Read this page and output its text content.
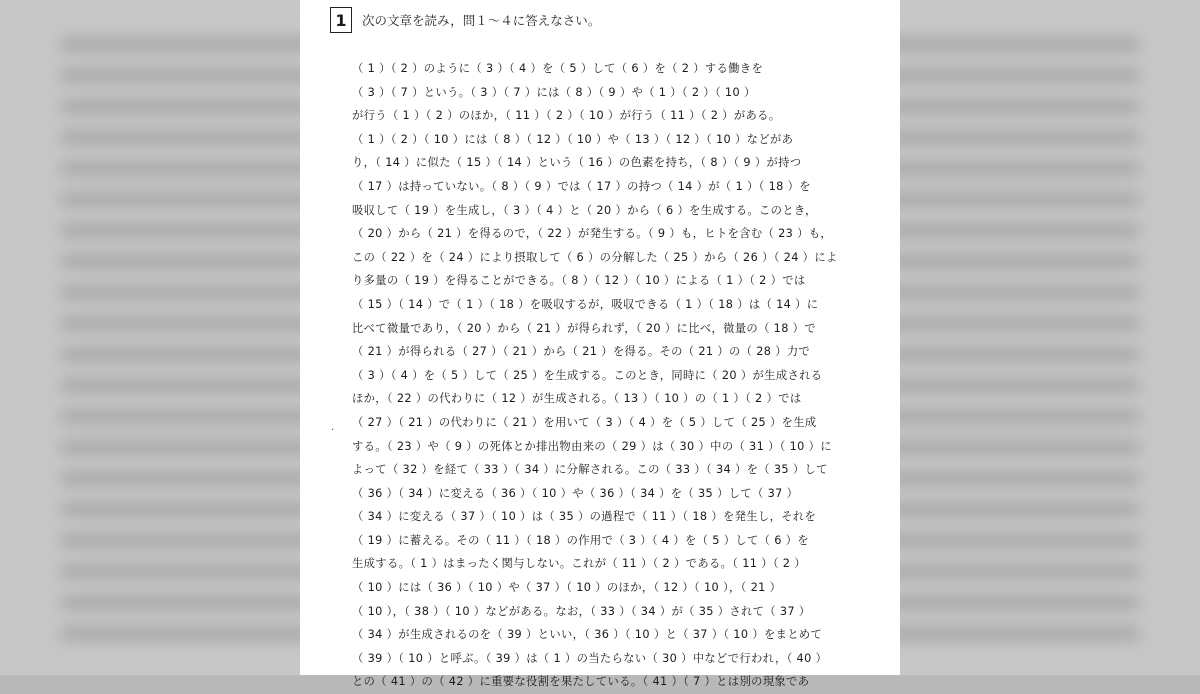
1	次の文章を読み，問１～４に答えなさい。
·
（ 1 ）（ 2 ）のように（ 3 ）（ 4 ）を（ 5 ）して（ 6 ）を（ 2 ）する働きを
（ 3 ）（ 7 ）という。（ 3 ）（ 7 ）には（ 8 ）（ 9 ）や（ 1 ）（ 2 ）（ 10 ）
が行う（ 1 ）（ 2 ）のほか，（ 11 ）（ 2 ）（ 10 ）が行う（ 11 ）（ 2 ）がある。
（ 1 ）（ 2 ）（ 10 ）には（ 8 ）（ 12 ）（ 10 ）や（ 13 ）（ 12 ）（ 10 ）などがあ
り，（ 14 ）に似た（ 15 ）（ 14 ）という（ 16 ）の色素を持ち，（ 8 ）（ 9 ）が持つ
（ 17 ）は持っていない。（ 8 ）（ 9 ）では（ 17 ）の持つ（ 14 ）が（ 1 ）（ 18 ）を
吸収して（ 19 ）を生成し，（ 3 ）（ 4 ）と（ 20 ）から（ 6 ）を生成する。このとき，
（ 20 ）から（ 21 ）を得るので，（ 22 ）が発生する。（ 9 ）も，ヒトを含む（ 23 ）も，
この（ 22 ）を（ 24 ）により摂取して（ 6 ）の分解した（ 25 ）から（ 26 ）（ 24 ）によ
り多量の（ 19 ）を得ることができる。（ 8 ）（ 12 ）（ 10 ）による（ 1 ）（ 2 ）では
（ 15 ）（ 14 ）で（ 1 ）（ 18 ）を吸収するが，吸収できる（ 1 ）（ 18 ）は（ 14 ）に
比べて微量であり，（ 20 ）から（ 21 ）が得られず，（ 20 ）に比べ，微量の（ 18 ）で
（ 21 ）が得られる（ 27 ）（ 21 ）から（ 21 ）を得る。その（ 21 ）の（ 28 ）力で
（ 3 ）（ 4 ）を（ 5 ）して（ 25 ）を生成する。このとき，同時に（ 20 ）が生成される
ほか，（ 22 ）の代わりに（ 12 ）が生成される。（ 13 ）（ 10 ）の（ 1 ）（ 2 ）では
（ 27 ）（ 21 ）の代わりに（ 21 ）を用いて（ 3 ）（ 4 ）を（ 5 ）して（ 25 ）を生成
する。（ 23 ）や（ 9 ）の死体とか排出物由来の（ 29 ）は（ 30 ）中の（ 31 ）（ 10 ）に
よって（ 32 ）を経て（ 33 ）（ 34 ）に分解される。この（ 33 ）（ 34 ）を（ 35 ）して
（ 36 ）（ 34 ）に変える（ 36 ）（ 10 ）や（ 36 ）（ 34 ）を（ 35 ）して（ 37 ）
（ 34 ）に変える（ 37 ）（ 10 ）は（ 35 ）の過程で（ 11 ）（ 18 ）を発生し，それを
（ 19 ）に蓄える。その（ 11 ）（ 18 ）の作用で（ 3 ）（ 4 ）を（ 5 ）して（ 6 ）を
生成する。（ 1 ）はまったく関与しない。これが（ 11 ）（ 2 ）である。（ 11 ）（ 2 ）
（ 10 ）には（ 36 ）（ 10 ）や（ 37 ）（ 10 ）のほか，（ 12 ）（ 10 ），（ 21 ）
（ 10 ），（ 38 ）（ 10 ）などがある。なお，（ 33 ）（ 34 ）が（ 35 ）されて（ 37 ）
（ 34 ）が生成されるのを（ 39 ）といい，（ 36 ）（ 10 ）と（ 37 ）（ 10 ）をまとめて
（ 39 ）（ 10 ）と呼ぶ。（ 39 ）は（ 1 ）の当たらない（ 30 ）中などで行われ，（ 40 ）
との（ 41 ）の（ 42 ）に重要な役割を果たしている。（ 41 ）（ 7 ）とは別の現象であ
